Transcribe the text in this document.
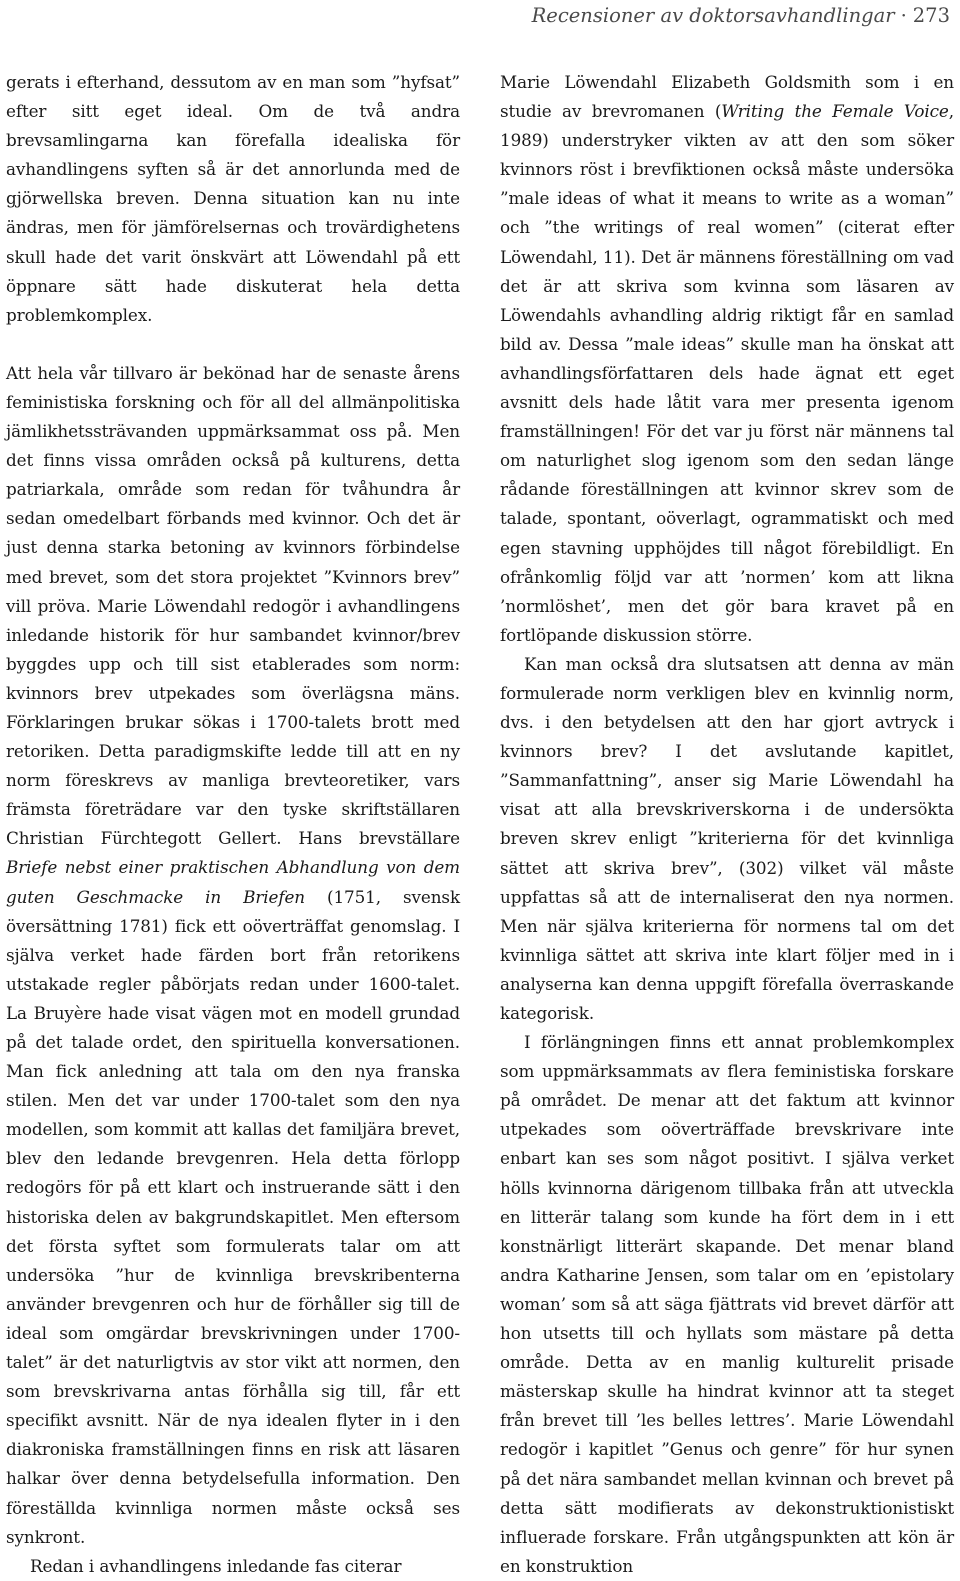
Recensioner av doktorsavhandlingar · 273

gerats i efterhand, dessutom av en man som ”hyfsat” efter sitt eget ideal. Om de två andra brevsamlingarna kan förefalla idealiska för avhandlingens syften så är det annorlunda med de gjörwellska breven. Denna situation kan nu inte ändras, men för jämförelsernas och trovärdighetens skull hade det varit önskvärt att Löwendahl på ett öppnare sätt hade diskuterat hela detta problemkomplex.

Att hela vår tillvaro är bekönad har de senaste årens feministiska forskning och för all del allmänpolitiska jämlikhetssträvanden uppmärksammat oss på. Men det finns vissa områden också på kulturens, detta patriarkala, område som redan för tvåhundra år sedan omedelbart förbands med kvinnor. Och det är just denna starka betoning av kvinnors förbindelse med brevet, som det stora projektet ”Kvinnors brev” vill pröva. Marie Löwendahl redogör i avhandlingens inledande historik för hur sambandet kvinnor/brev byggdes upp och till sist etablerades som norm: kvinnors brev utpekades som överlägsna mäns. Förklaringen brukar sökas i 1700-talets brott med retoriken. Detta paradigmskifte ledde till att en ny norm föreskrevs av manliga brevteoretiker, vars främsta företrädare var den tyske skriftställaren Christian Fürchtegott Gellert. Hans brevställare Briefe nebst einer praktischen Abhandlung von dem guten Geschmacke in Briefen (1751, svensk översättning 1781) fick ett oöverträffat genomslag. I själva verket hade färden bort från retorikens utstakade regler påbörjats redan under 1600-talet. La Bruyère hade visat vägen mot en modell grundad på det talade ordet, den spirituella konversationen. Man fick anledning att tala om den nya franska stilen. Men det var under 1700-talet som den nya modellen, som kommit att kallas det familjära brevet, blev den ledande brevgenren. Hela detta förlopp redogörs för på ett klart och instruerande sätt i den historiska delen av bakgrundskapitlet. Men eftersom det första syftet som formulerats talar om att undersöka ”hur de kvinnliga brevskribenterna använder brevgenren och hur de förhåller sig till de ideal som omgärdar brevskrivningen under 1700-talet” är det naturligtvis av stor vikt att normen, den som brevskrivarna antas förhålla sig till, får ett specifikt avsnitt. När de nya idealen flyter in i den diakroniska framställningen finns en risk att läsaren halkar över denna betydelsefulla information. Den föreställda kvinnliga normen måste också ses synkront.

Redan i avhandlingens inledande fas citerar

Marie Löwendahl Elizabeth Goldsmith som i en studie av brevromanen (Writing the Female Voice, 1989) understryker vikten av att den som söker kvinnors röst i brevfiktionen också måste undersöka ”male ideas of what it means to write as a woman” och ”the writings of real women” (citerat efter Löwendahl, 11). Det är männens föreställning om vad det är att skriva som kvinna som läsaren av Löwendahls avhandling aldrig riktigt får en samlad bild av. Dessa ”male ideas” skulle man ha önskat att avhandlingsförfattaren dels hade ägnat ett eget avsnitt dels hade låtit vara mer presenta igenom framställningen! För det var ju först när männens tal om naturlighet slog igenom som den sedan länge rådande föreställningen att kvinnor skrev som de talade, spontant, oöverlagt, ogrammatiskt och med egen stavning upphöjdes till något förebildligt. En ofrånkomlig följd var att ’normen’ kom att likna ’normlöshet’, men det gör bara kravet på en fortlöpande diskussion större.

Kan man också dra slutsatsen att denna av män formulerade norm verkligen blev en kvinnlig norm, dvs. i den betydelsen att den har gjort avtryck i kvinnors brev? I det avslutande kapitlet, ”Sammanfattning”, anser sig Marie Löwendahl ha visat att alla brevskriverskorna i de undersökta breven skrev enligt ”kriterierna för det kvinnliga sättet att skriva brev”, (302) vilket väl måste uppfattas så att de internaliserat den nya normen. Men när själva kriterierna för normens tal om det kvinnliga sättet att skriva inte klart följer med in i analyserna kan denna uppgift förefalla överraskande kategorisk.

I förlängningen finns ett annat problemkomplex som uppmärksammats av flera feministiska forskare på området. De menar att det faktum att kvinnor utpekades som oöverträffade brevskrivare inte enbart kan ses som något positivt. I själva verket hölls kvinnorna därigenom tillbaka från att utveckla en litterär talang som kunde ha fört dem in i ett konstnärligt litterärt skapande. Det menar bland andra Katharine Jensen, som talar om en ’epistolary woman’ som så att säga fjättrats vid brevet därför att hon utsetts till och hyllats som mästare på detta område. Detta av en manlig kulturelit prisade mästerskap skulle ha hindrat kvinnor att ta steget från brevet till ’les belles lettres’. Marie Löwendahl redogör i kapitlet ”Genus och genre” för hur synen på det nära sambandet mellan kvinnan och brevet på detta sätt modifierats av dekonstruktionistiskt influerade forskare. Från utgångspunkten att kön är en konstruktion
